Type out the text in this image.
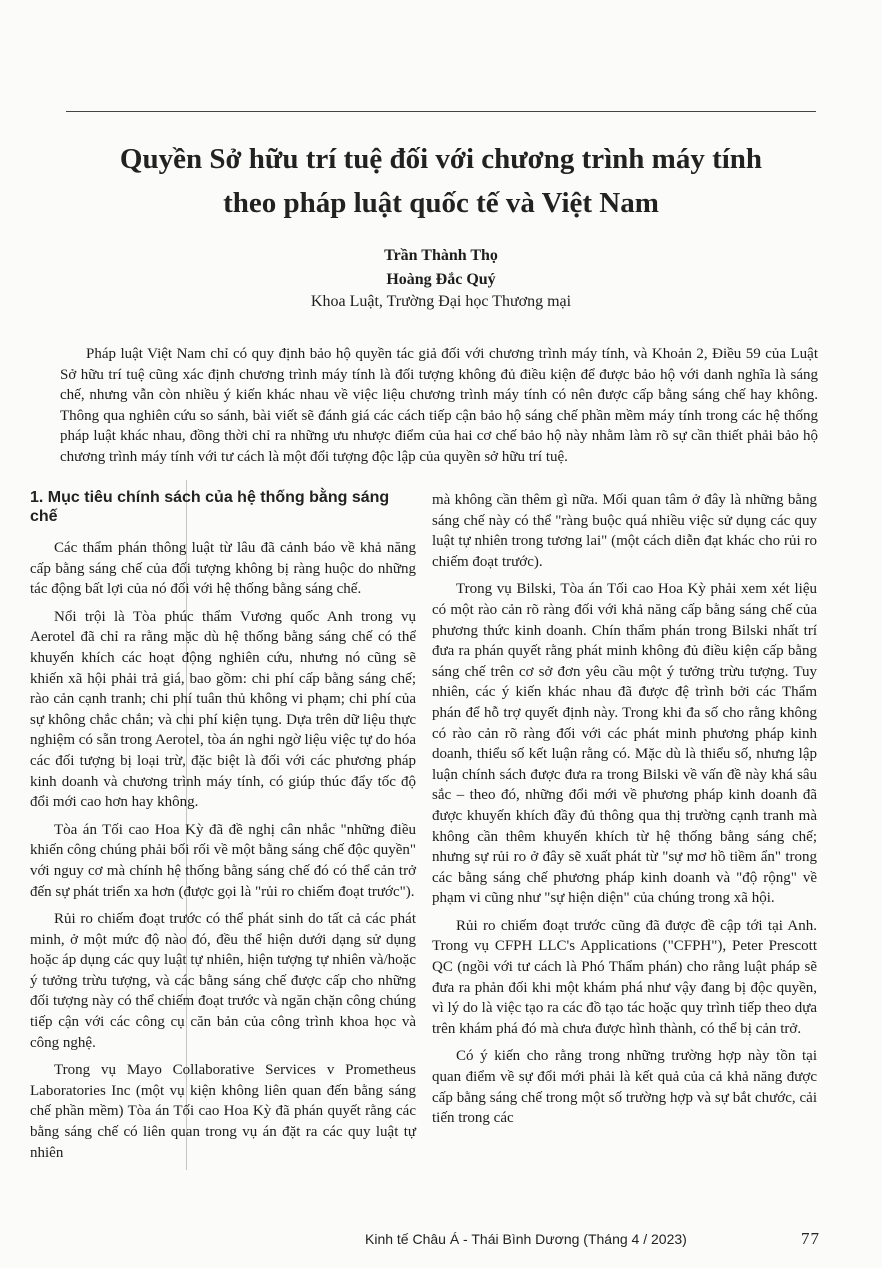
Quyền Sở hữu trí tuệ đối với chương trình máy tính
theo pháp luật quốc tế và Việt Nam
Trần Thành Thọ
Hoàng Đắc Quý
Khoa Luật, Trường Đại học Thương mại

Pháp luật Việt Nam chỉ có quy định bảo hộ quyền tác giả đối với chương trình máy tính, và Khoản 2, Điều 59 của Luật Sở hữu trí tuệ cũng xác định chương trình máy tính là đối tượng không đủ điều kiện để được bảo hộ với danh nghĩa là sáng chế, nhưng vẫn còn nhiều ý kiến khác nhau về việc liệu chương trình máy tính có nên được cấp bằng sáng chế hay không. Thông qua nghiên cứu so sánh, bài viết sẽ đánh giá các cách tiếp cận bảo hộ sáng chế phần mềm máy tính trong các hệ thống pháp luật khác nhau, đồng thời chỉ ra những ưu nhược điểm của hai cơ chế bảo hộ này nhằm làm rõ sự cần thiết phải bảo hộ chương trình máy tính với tư cách là một đối tượng độc lập của quyền sở hữu trí tuệ.

1. Mục tiêu chính sách của hệ thống bằng sáng chế

Các thẩm phán thông luật từ lâu đã cảnh báo về khả năng cấp bằng sáng chế của đối tượng không bị ràng huộc do những tác động bất lợi của nó đối với hệ thống bằng sáng chế.

Nổi trội là Tòa phúc thẩm Vương quốc Anh trong vụ Aerotel đã chỉ ra rằng mặc dù hệ thống bằng sáng chế có thể khuyến khích các hoạt động nghiên cứu, nhưng nó cũng sẽ khiến xã hội phải trả giá, bao gồm: chi phí cấp bằng sáng chế; rào cản cạnh tranh; chi phí tuân thủ không vi phạm; chi phí của sự không chắc chắn; và chi phí kiện tụng. Dựa trên dữ liệu thực nghiệm có sẵn trong Aerotel, tòa án nghi ngờ liệu việc tự do hóa các đối tượng bị loại trừ, đặc biệt là đối với các phương pháp kinh doanh và chương trình máy tính, có giúp thúc đẩy tốc độ đổi mới cao hơn hay không.

Tòa án Tối cao Hoa Kỳ đã đề nghị cân nhắc "những điều khiến công chúng phải bối rối về một bằng sáng chế độc quyền" với nguy cơ mà chính hệ thống bằng sáng chế đó có thể cản trở đến sự phát triển xa hơn (được gọi là "rủi ro chiếm đoạt trước").

Rủi ro chiếm đoạt trước có thể phát sinh do tất cả các phát minh, ở một mức độ nào đó, đều thể hiện dưới dạng sử dụng hoặc áp dụng các quy luật tự nhiên, hiện tượng tự nhiên và/hoặc ý tưởng trừu tượng, và các bằng sáng chế được cấp cho những đối tượng này có thể chiếm đoạt trước và ngăn chặn công chúng tiếp cận với các công cụ căn bản của công trình khoa học và công nghệ.

Trong vụ Mayo Collaborative Services v Prometheus Laboratories Inc (một vụ kiện không liên quan đến bằng sáng chế phần mềm) Tòa án Tối cao Hoa Kỳ đã phán quyết rằng các bằng sáng chế có liên quan trong vụ án đặt ra các quy luật tự nhiên

mà không cần thêm gì nữa. Mối quan tâm ở đây là những bằng sáng chế này có thể "ràng buộc quá nhiều việc sử dụng các quy luật tự nhiên trong tương lai" (một cách diễn đạt khác cho rủi ro chiếm đoạt trước).

Trong vụ Bilski, Tòa án Tối cao Hoa Kỳ phải xem xét liệu có một rào cản rõ ràng đối với khả năng cấp bằng sáng chế của phương thức kinh doanh. Chín thẩm phán trong Bilski nhất trí đưa ra phán quyết rằng phát minh không đủ điều kiện cấp bằng sáng chế trên cơ sở đơn yêu cầu một ý tưởng trừu tượng. Tuy nhiên, các ý kiến khác nhau đã được đệ trình bởi các Thẩm phán để hỗ trợ quyết định này. Trong khi đa số cho rằng không có rào cản rõ ràng đối với các phát minh phương pháp kinh doanh, thiểu số kết luận rằng có. Mặc dù là thiểu số, nhưng lập luận chính sách được đưa ra trong Bilski về vấn đề này khá sâu sắc – theo đó, những đổi mới về phương pháp kinh doanh đã được khuyến khích đầy đủ thông qua thị trường cạnh tranh mà không cần thêm khuyến khích từ hệ thống bằng sáng chế; nhưng sự rủi ro ở đây sẽ xuất phát từ "sự mơ hồ tiềm ẩn" trong các bằng sáng chế phương pháp kinh doanh và "độ rộng" về phạm vi cũng như "sự hiện diện" của chúng trong xã hội.

Rủi ro chiếm đoạt trước cũng đã được đề cập tới tại Anh. Trong vụ CFPH LLC's Applications ("CFPH"), Peter Prescott QC (ngồi với tư cách là Phó Thẩm phán) cho rằng luật pháp sẽ đưa ra phản đối khi một khám phá như vậy đang bị độc quyền, vì lý do là việc tạo ra các đồ tạo tác hoặc quy trình tiếp theo dựa trên khám phá đó mà chưa được hình thành, có thể bị cản trở.

Có ý kiến cho rằng trong những trường hợp này tồn tại quan điểm về sự đổi mới phải là kết quả của cả khả năng được cấp bằng sáng chế trong một số trường hợp và sự bắt chước, cải tiến trong các

Kinh tế Châu Á - Thái Bình Dương (Tháng 4 / 2023)	77
